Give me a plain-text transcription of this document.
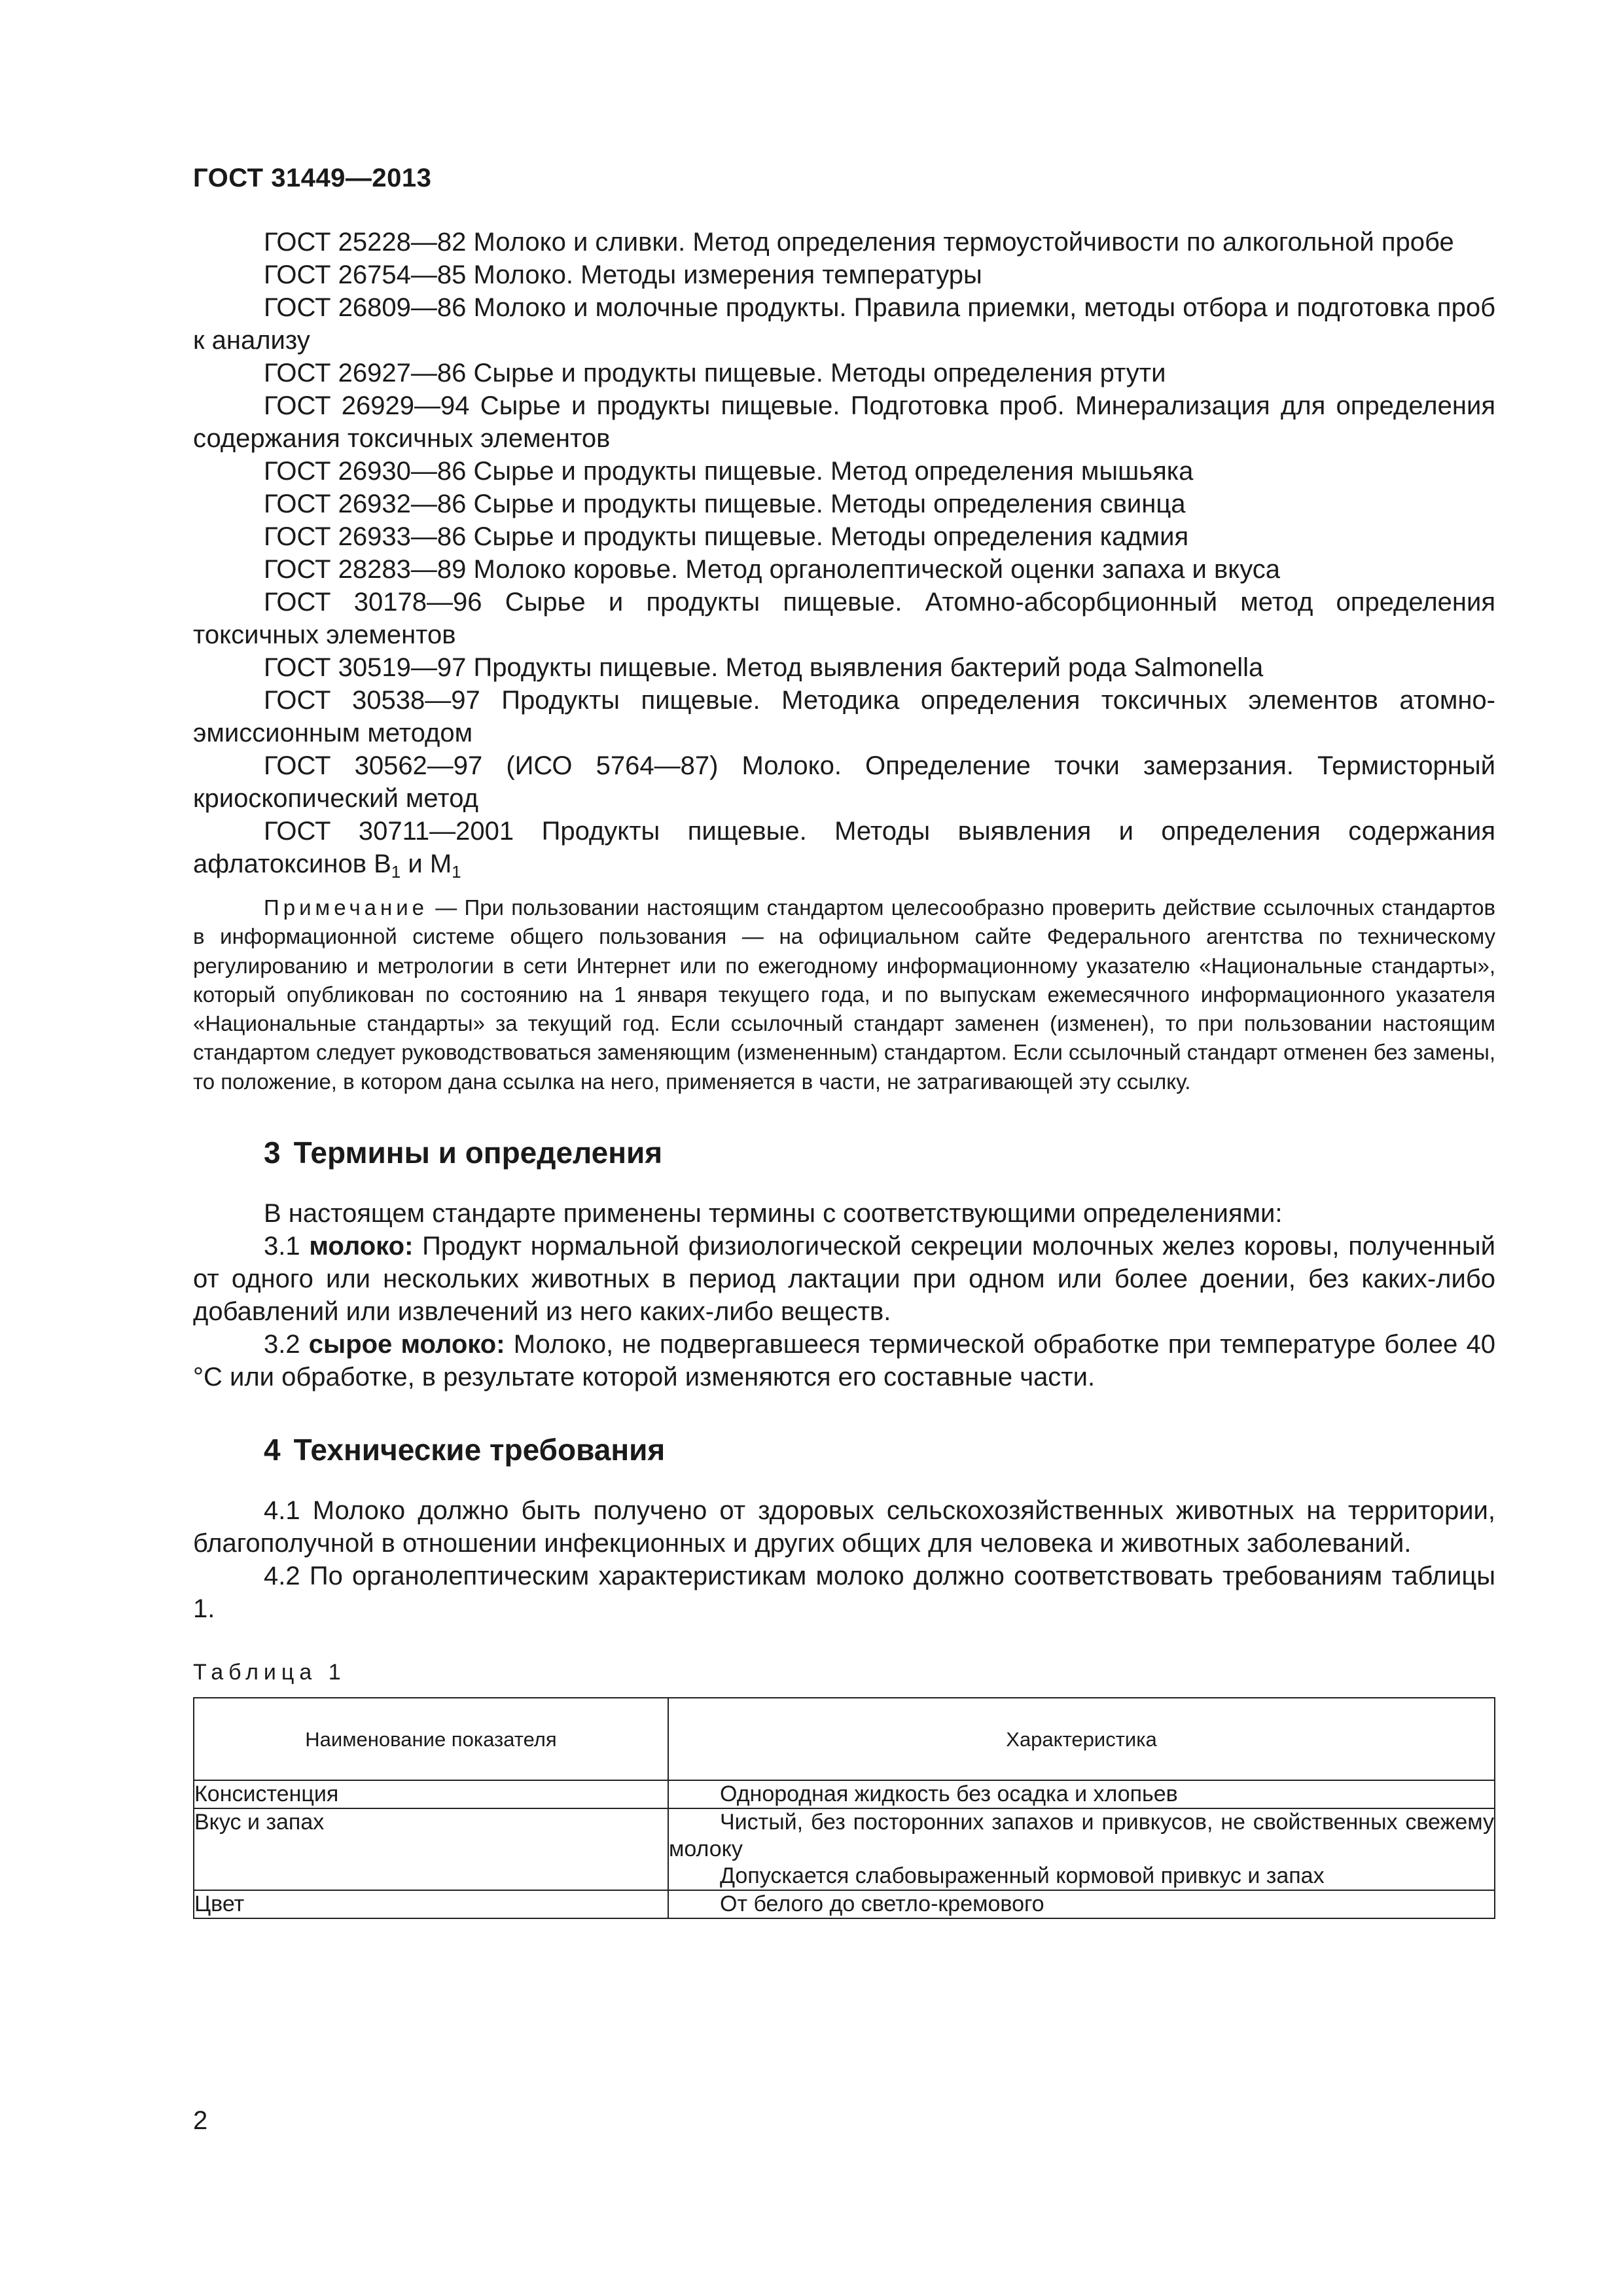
ГОСТ 31449—2013

ГОСТ 25228—82 Молоко и сливки. Метод определения термоустойчивости по алкогольной пробе

ГОСТ 26754—85 Молоко. Методы измерения температуры

ГОСТ 26809—86 Молоко и молочные продукты. Правила приемки, методы отбора и подготовка проб к анализу

ГОСТ 26927—86 Сырье и продукты пищевые. Методы определения ртути

ГОСТ 26929—94 Сырье и продукты пищевые. Подготовка проб. Минерализация для определения содержания токсичных элементов

ГОСТ 26930—86 Сырье и продукты пищевые. Метод определения мышьяка

ГОСТ 26932—86 Сырье и продукты пищевые. Методы определения свинца

ГОСТ 26933—86 Сырье и продукты пищевые. Методы определения кадмия

ГОСТ 28283—89 Молоко коровье. Метод органолептической оценки запаха и вкуса

ГОСТ 30178—96 Сырье и продукты пищевые. Атомно-абсорбционный метод определения токсичных элементов

ГОСТ 30519—97 Продукты пищевые. Метод выявления бактерий рода Salmonella

ГОСТ 30538—97 Продукты пищевые. Методика определения токсичных элементов атомно-эмиссионным методом

ГОСТ 30562—97 (ИСО 5764—87) Молоко. Определение точки замерзания. Термисторный криоскопический метод

ГОСТ 30711—2001 Продукты пищевые. Методы выявления и определения содержания афлатоксинов $B_1$ и $M_1$

Примечание — При пользовании настоящим стандартом целесообразно проверить действие ссылочных стандартов в информационной системе общего пользования — на официальном сайте Федерального агентства по техническому регулированию и метрологии в сети Интернет или по ежегодному информационному указателю «Национальные стандарты», который опубликован по состоянию на 1 января текущего года, и по выпускам ежемесячного информационного указателя «Национальные стандарты» за текущий год. Если ссылочный стандарт заменен (изменен), то при пользовании настоящим стандартом следует руководствоваться заменяющим (измененным) стандартом. Если ссылочный стандарт отменен без замены, то положение, в котором дана ссылка на него, применяется в части, не затрагивающей эту ссылку.

3 Термины и определения

В настоящем стандарте применены термины с соответствующими определениями:

3.1 молоко: Продукт нормальной физиологической секреции молочных желез коровы, полученный от одного или нескольких животных в период лактации при одном или более доении, без каких-либо добавлений или извлечений из него каких-либо веществ.

3.2 сырое молоко: Молоко, не подвергавшееся термической обработке при температуре более 40 °С или обработке, в результате которой изменяются его составные части.

4 Технические требования

4.1 Молоко должно быть получено от здоровых сельскохозяйственных животных на территории, благополучной в отношении инфекционных и других общих для человека и животных заболеваний.

4.2 По органолептическим характеристикам молоко должно соответствовать требованиям таблицы 1.

Таблица 1
Наименование показателя	Характеристика
Консистенция	Однородная жидкость без осадка и хлопьев

Вкус и запах	Чистый, без посторонних запахов и привкусов, не свойственных свежему молоку
Допускается слабовыраженный кормовой привкус и запах

Цвет	От белого до светло-кремового
2
